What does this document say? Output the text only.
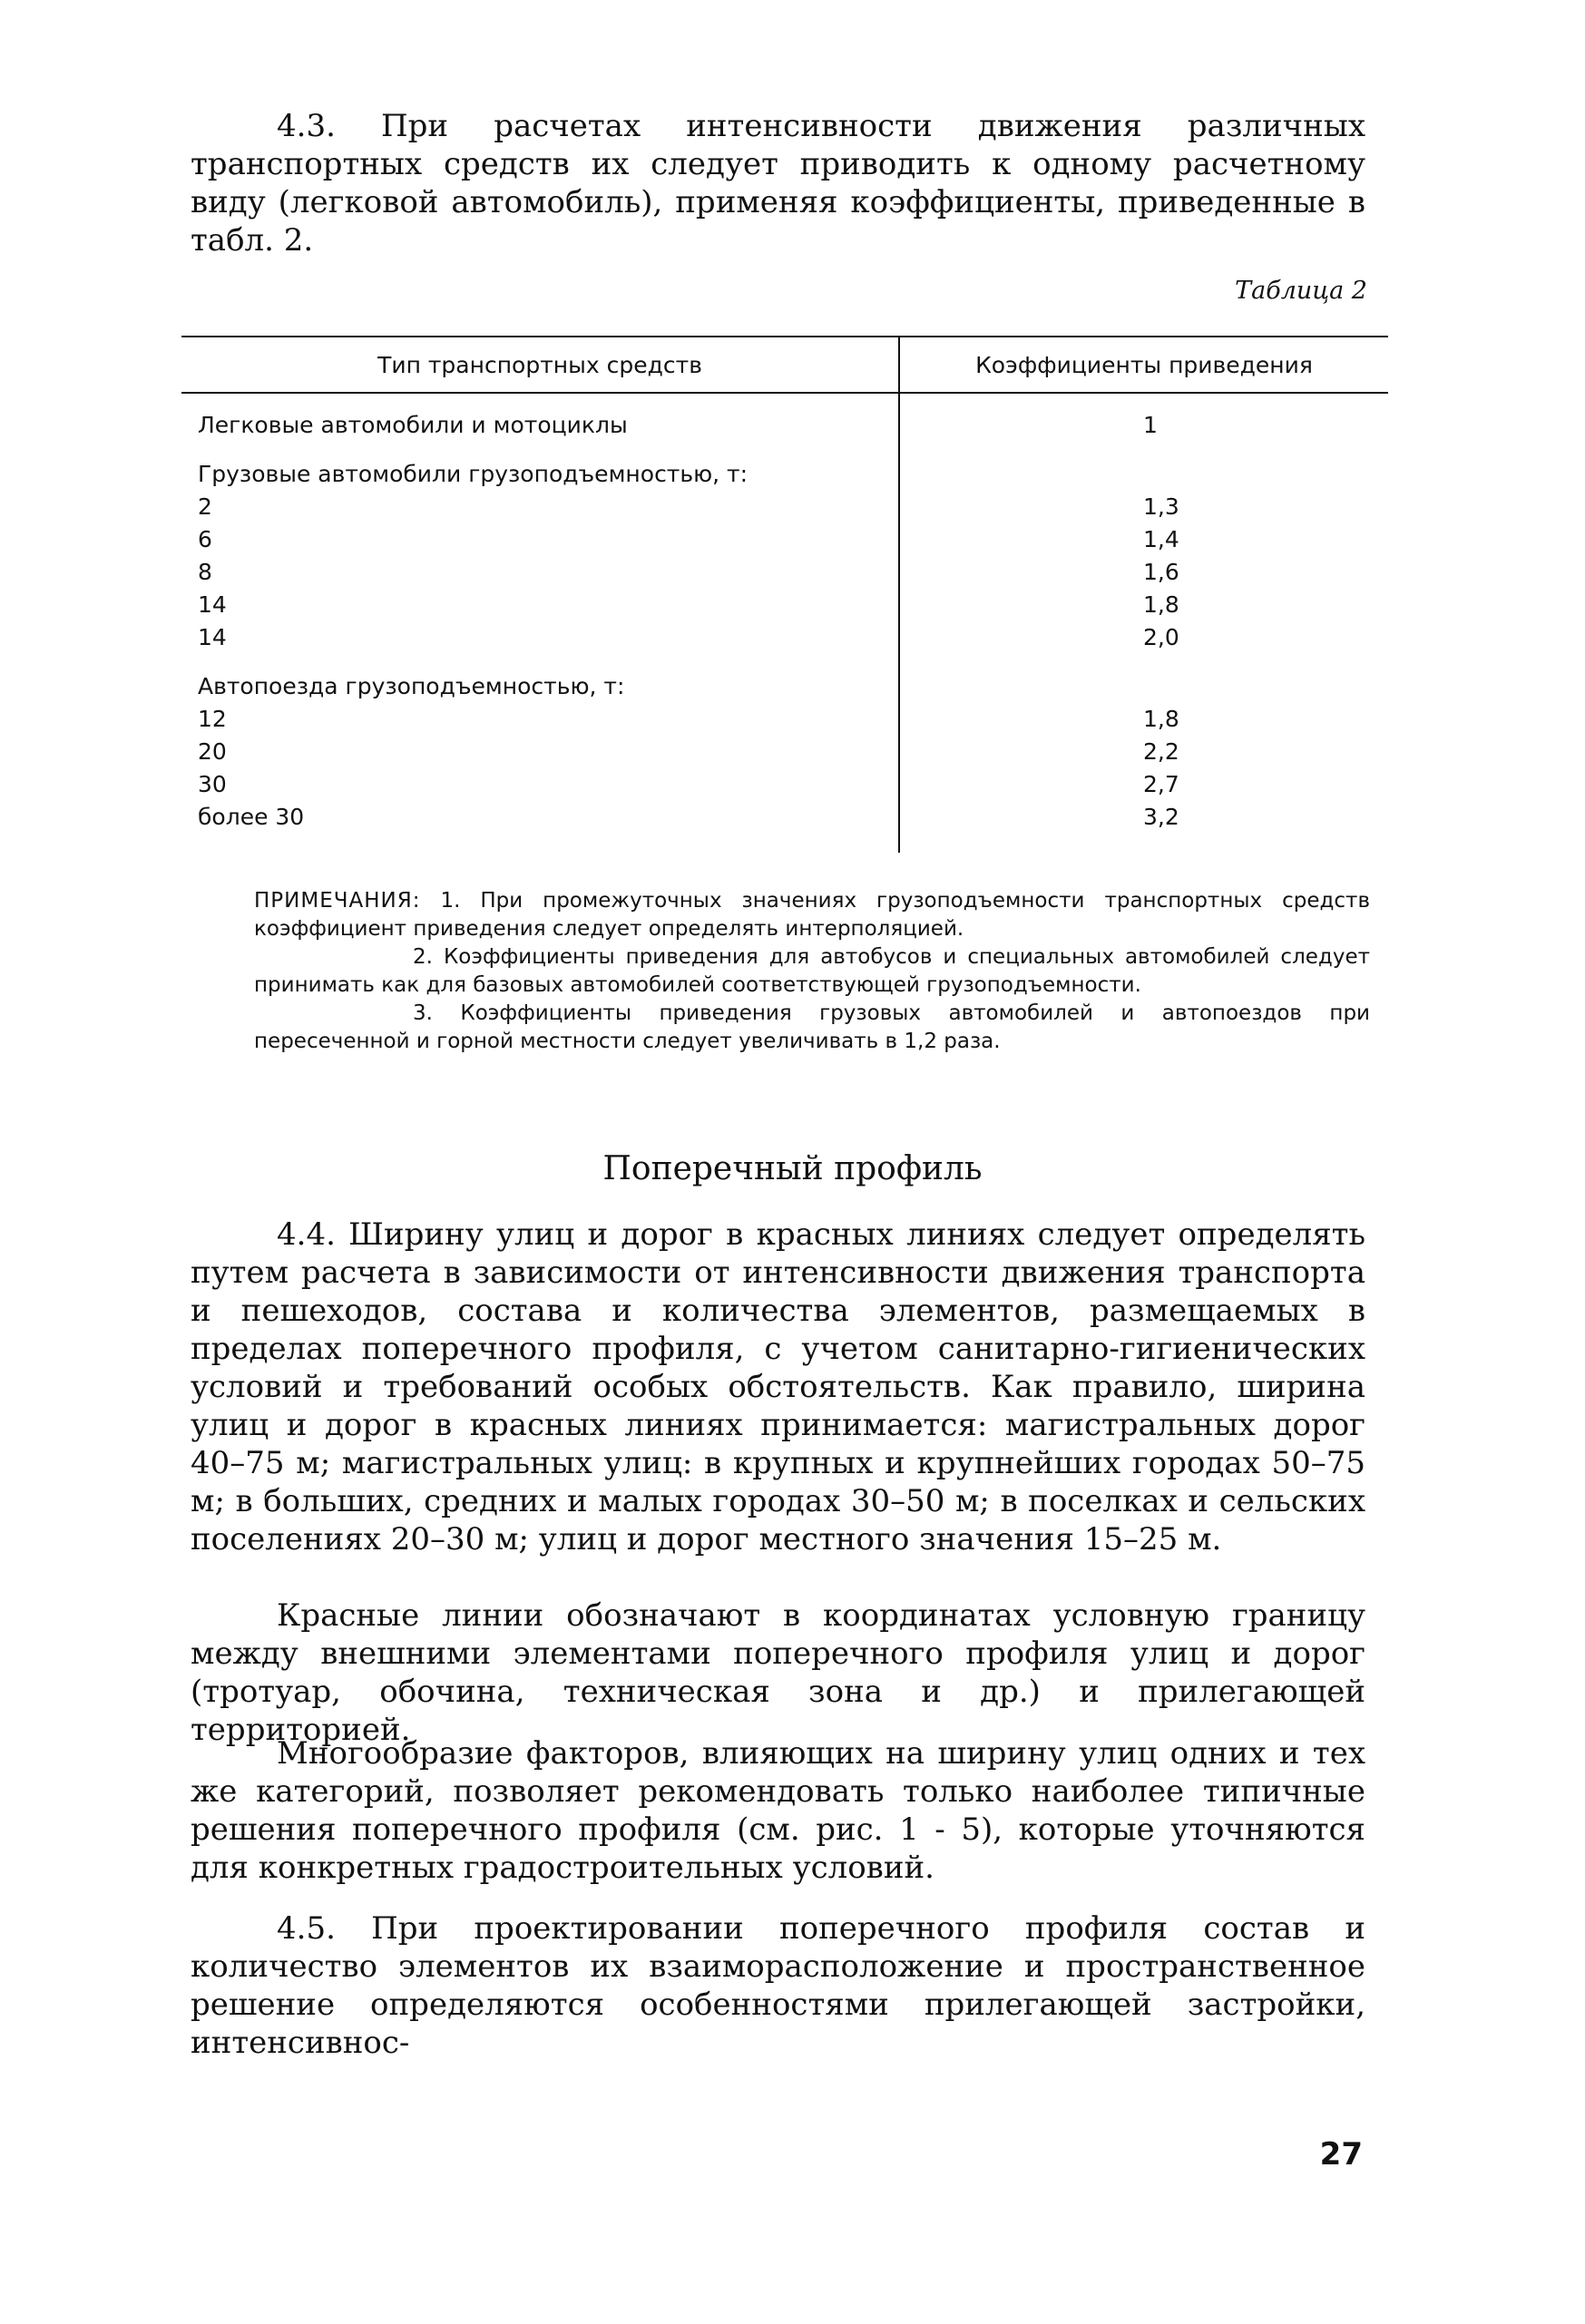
4.3. При расчетах интенсивности движения различных транспортных средств их следует приводить к одному расчетному виду (легковой автомобиль), применяя коэффициенты, приведенные в табл. 2.

Таблица 2

Тип транспортных средств	Коэффициенты приведения

Легковые автомобили и мотоциклы	1
Грузовые автомобили грузоподъемностью, т:
2	1,3
6	1,4
8	1,6
14	1,8
14	2,0
Автопоезда грузоподъемностью, т:
12	1,8
20	2,2
30	2,7
более 30	3,2

ПРИМЕЧАНИЯ: 1. При промежуточных значениях грузоподъемности транспортных средств коэффициент приведения следует определять интерполяцией.

2. Коэффициенты приведения для автобусов и специальных автомобилей следует принимать как для базовых автомобилей соответствующей грузоподъемности.

3. Коэффициенты приведения грузовых автомобилей и автопоездов при пересеченной и горной местности следует увеличивать в 1,2 раза.

Поперечный профиль

4.4. Ширину улиц и дорог в красных линиях следует определять путем расчета в зависимости от интенсивности движения транспорта и пешеходов, состава и количества элементов, размещаемых в пределах поперечного профиля, с учетом санитарно-гигиенических условий и требований особых обстоятельств. Как правило, ширина улиц и дорог в красных линиях принимается: магистральных дорог 40–75 м; магистральных улиц: в крупных и крупнейших городах 50–75 м; в больших, средних и малых городах 30–50 м; в поселках и сельских поселениях 20–30 м; улиц и дорог местного значения 15–25 м.

Красные линии обозначают в координатах условную границу между внешними элементами поперечного профиля улиц и дорог (тротуар, обочина, техническая зона и др.) и прилегающей территорией.

Многообразие факторов, влияющих на ширину улиц одних и тех же категорий, позволяет рекомендовать только наиболее типичные решения поперечного профиля (см. рис. 1 - 5), которые уточняются для конкретных градостроительных условий.

4.5. При проектировании поперечного профиля состав и количество элементов их взаиморасположение и пространственное решение определяются особенностями прилегающей застройки, интенсивнос-

27
